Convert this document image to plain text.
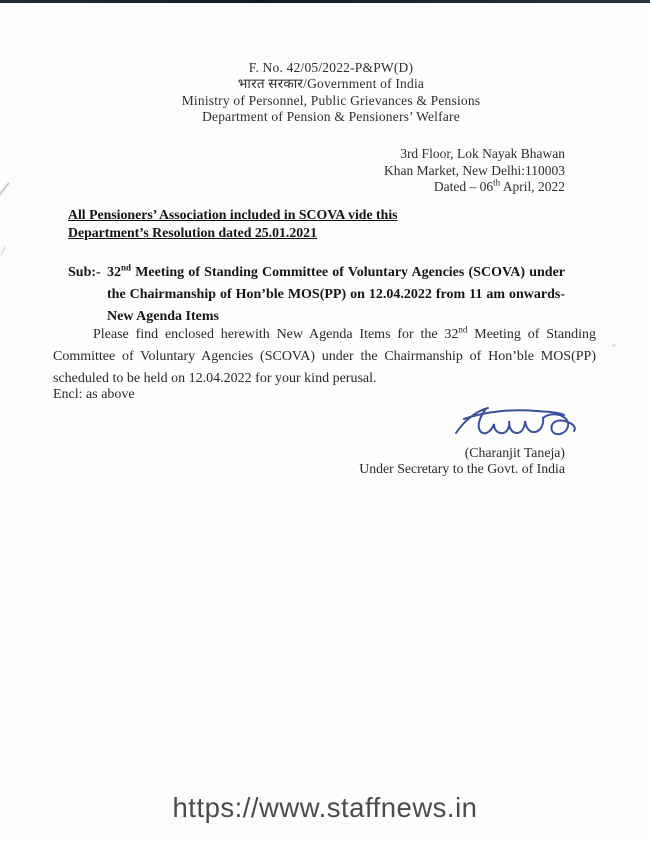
F. No. 42/05/2022-P&PW(D)
भारत सरकार/Government of India
Ministry of Personnel, Public Grievances & Pensions
Department of Pension & Pensioners’ Welfare
3rd Floor, Lok Nayak Bhawan
Khan Market, New Delhi:110003
Dated – 06th April, 2022
All Pensioners’ Association included in SCOVA vide this
Department’s Resolution dated 25.01.2021
Sub:- 32nd Meeting of Standing Committee of Voluntary Agencies (SCOVA) under the Chairmanship of Hon’ble MOS(PP) on 12.04.2022 from 11 am onwards-New Agenda Items

Please find enclosed herewith New Agenda Items for the 32nd Meeting of Standing Committee of Voluntary Agencies (SCOVA) under the Chairmanship of Hon’ble MOS(PP) scheduled to be held on 12.04.2022 for your kind perusal.

Encl: as above
(Charanjit Taneja)
Under Secretary to the Govt. of India
https://www.staffnews.in
